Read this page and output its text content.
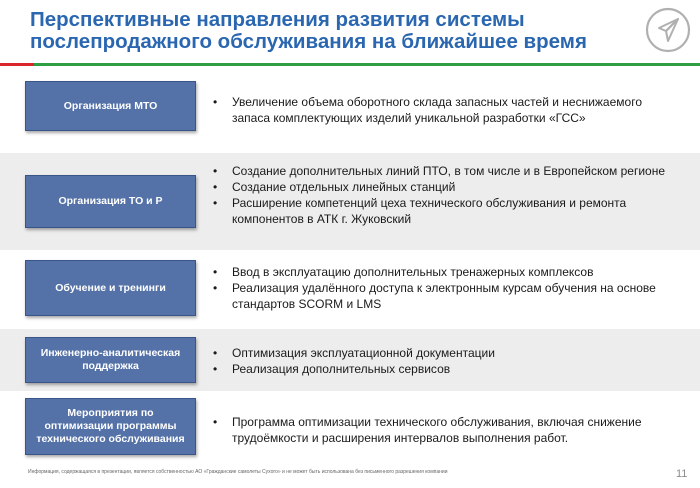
Перспективные направления развития системы послепродажного обслуживания на ближайшее время
Организация МТО
•	Увеличение объема оборотного склада запасных частей и неснижаемого запаса комплектующих изделий уникальной разработки «ГСС»
Организация ТО и Р
• Создание дополнительных линий ПТО, в том числе и в Европейском регионе
• Создание отдельных линейных станций
• Расширение компетенций цеха технического обслуживания и ремонта компонентов в АТК г. Жуковский
Обучение и тренинги
• Ввод в эксплуатацию дополнительных тренажерных комплексов
• Реализация удалённого доступа к электронным курсам обучения на основе стандартов SCORM и LMS
Инженерно-аналитическая поддержка
• Оптимизация эксплуатационной документации
• Реализация дополнительных сервисов
Мероприятия по оптимизации программы технического обслуживания
• Программа оптимизации технического обслуживания, включая снижение трудоёмкости и расширения интервалов выполнения работ.
Информация, содержащаяся в презентации, является собственностью АО «Гражданские самолеты Сухого» и не может быть использована без письменного разрешения компании	11
